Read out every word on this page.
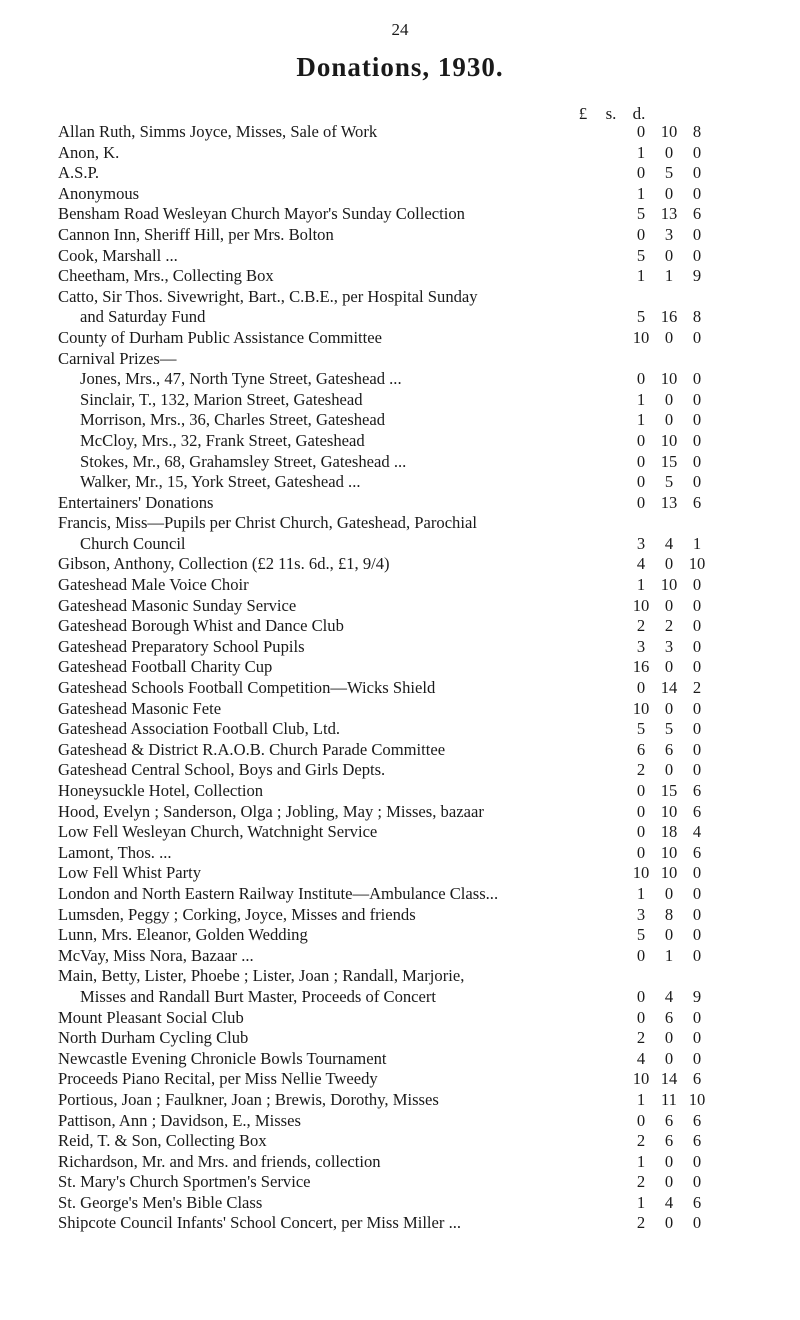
24
Donations, 1930.
£	s. d.
Allan Ruth, Simms Joyce, Misses, Sale of Work	0 10 8
Anon, K.	1	0	0
A.S.P.	0	5	0
Anonymous	1	0	0
Bensham Road Wesleyan Church Mayor's Sunday Collection	5 13 6
Cannon Inn, Sheriff Hill, per Mrs. Bolton	0	3	0
Cook, Marshall ...	5	0	0
Cheetham, Mrs., Collecting Box	1	1	9
Catto, Sir Thos. Sivewright, Bart., C.B.E., per Hospital Sunday
and Saturday Fund	5 16 8
County of Durham Public Assistance Committee	10 0	0
Carnival Prizes—
Jones, Mrs., 47, North Tyne Street, Gateshead ...	0 10 0
Sinclair, T., 132, Marion Street, Gateshead	1	0	0
Morrison, Mrs., 36, Charles Street, Gateshead	1	0	0
McCloy, Mrs., 32, Frank Street, Gateshead	0 10 0
Stokes, Mr., 68, Grahamsley Street, Gateshead ...	0 15 0
Walker, Mr., 15, York Street, Gateshead ...	0	5	0
Entertainers' Donations	0 13 6
Francis, Miss—Pupils per Christ Church, Gateshead, Parochial
Church Council	3	4	1
Gibson, Anthony, Collection (£2 11s. 6d., £1, 9/4)	4	0 10
Gateshead Male Voice Choir	1 10 0
Gateshead Masonic Sunday Service	10 0	0
Gateshead Borough Whist and Dance Club	2	2	0
Gateshead Preparatory School Pupils	3	3	0
Gateshead Football Charity Cup	16 0	0
Gateshead Schools Football Competition—Wicks Shield	0 14 2
Gateshead Masonic Fete	10 0	0
Gateshead Association Football Club, Ltd.	5	5	0
Gateshead & District R.A.O.B. Church Parade Committee	6	6	0
Gateshead Central School, Boys and Girls Depts.	2	0	0
Honeysuckle Hotel, Collection	0 15 6
Hood, Evelyn ; Sanderson, Olga ; Jobling, May ; Misses, bazaar	0 10 6
Low Fell Wesleyan Church, Watchnight Service	0 18 4
Lamont, Thos. ...	0 10 6
Low Fell Whist Party	10 10 0
London and North Eastern Railway Institute—Ambulance Class...	1	0	0
Lumsden, Peggy ; Corking, Joyce, Misses and friends	3	8	0
Lunn, Mrs. Eleanor, Golden Wedding	5	0	0
McVay, Miss Nora, Bazaar ...	0	1	0
Main, Betty, Lister, Phoebe ; Lister, Joan ; Randall, Marjorie,
Misses and Randall Burt Master, Proceeds of Concert	0	4	9
Mount Pleasant Social Club	0	6	0
North Durham Cycling Club	2	0	0
Newcastle Evening Chronicle Bowls Tournament	4	0	0
Proceeds Piano Recital, per Miss Nellie Tweedy	10 14 6
Portious, Joan ; Faulkner, Joan ; Brewis, Dorothy, Misses	1 11 10
Pattison, Ann ; Davidson, E., Misses	0	6	6
Reid, T. & Son, Collecting Box	2	6	6
Richardson, Mr. and Mrs. and friends, collection	1	0	0
St. Mary's Church Sportmen's Service	2	0	0
St. George's Men's Bible Class	1	4	6
Shipcote Council Infants' School Concert, per Miss Miller ...	2	0	0
